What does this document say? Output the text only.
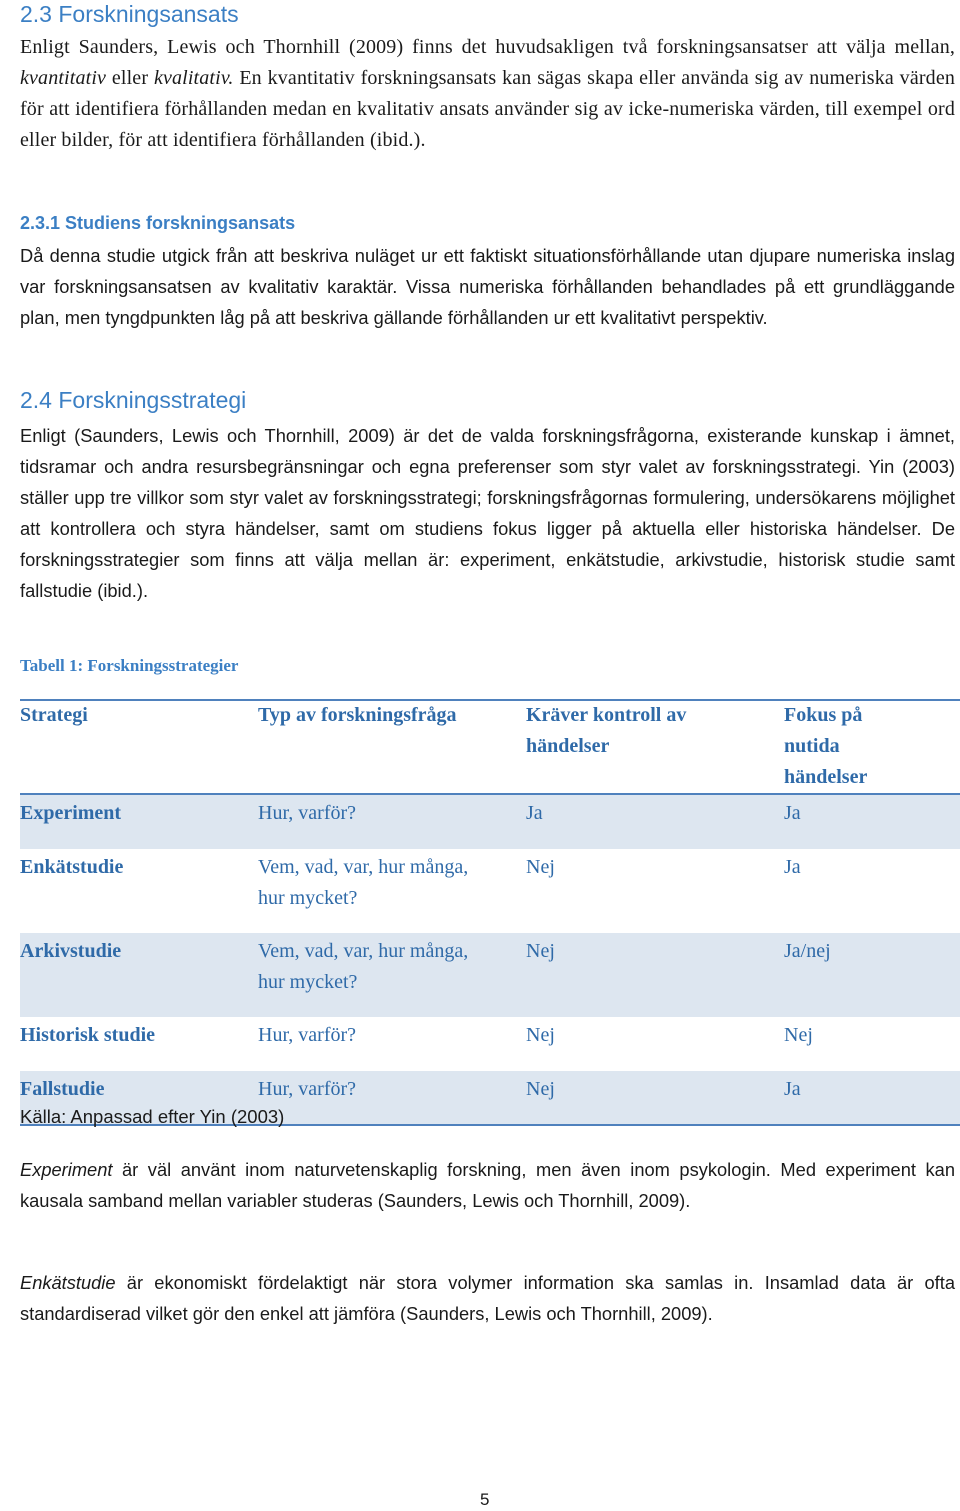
2.3 Forskningsansats

Enligt Saunders, Lewis och Thornhill (2009) finns det huvudsakligen två forskningsansatser att välja mellan, kvantitativ eller kvalitativ. En kvantitativ forskningsansats kan sägas skapa eller använda sig av numeriska värden för att identifiera förhållanden medan en kvalitativ ansats använder sig av icke-numeriska värden, till exempel ord eller bilder, för att identifiera förhållanden (ibid.).

2.3.1 Studiens forskningsansats

Då denna studie utgick från att beskriva nuläget ur ett faktiskt situationsförhållande utan djupare numeriska inslag var forskningsansatsen av kvalitativ karaktär. Vissa numeriska förhållanden behandlades på ett grundläggande plan, men tyngdpunkten låg på att beskriva gällande förhållanden ur ett kvalitativt perspektiv.

2.4 Forskningsstrategi

Enligt (Saunders, Lewis och Thornhill, 2009) är det de valda forskningsfrågorna, existerande kunskap i ämnet, tidsramar och andra resursbegränsningar och egna preferenser som styr valet av forskningsstrategi. Yin (2003) ställer upp tre villkor som styr valet av forskningsstrategi; forskningsfrågornas formulering, undersökarens möjlighet att kontrollera och styra händelser, samt om studiens fokus ligger på aktuella eller historiska händelser. De forskningsstrategier som finns att välja mellan är: experiment, enkätstudie, arkivstudie, historisk studie samt fallstudie (ibid.).

Tabell 1: Forskningsstrategier
Strategi	Typ av forskningsfråga	Kräver kontroll av händelser	Fokus på nutida händelser
Experiment	Hur, varför?	Ja	Ja
Enkätstudie	Vem, vad, var, hur många, hur mycket?	Nej	Ja
Arkivstudie	Vem, vad, var, hur många, hur mycket?	Nej	Ja/nej
Historisk studie	Hur, varför?	Nej	Nej
Fallstudie	Hur, varför?	Nej	Ja
Källa: Anpassad efter Yin (2003)

Experiment är väl använt inom naturvetenskaplig forskning, men även inom psykologin. Med experiment kan kausala samband mellan variabler studeras (Saunders, Lewis och Thornhill, 2009).

Enkätstudie är ekonomiskt fördelaktigt när stora volymer information ska samlas in. Insamlad data är ofta standardiserad vilket gör den enkel att jämföra (Saunders, Lewis och Thornhill, 2009).

5
